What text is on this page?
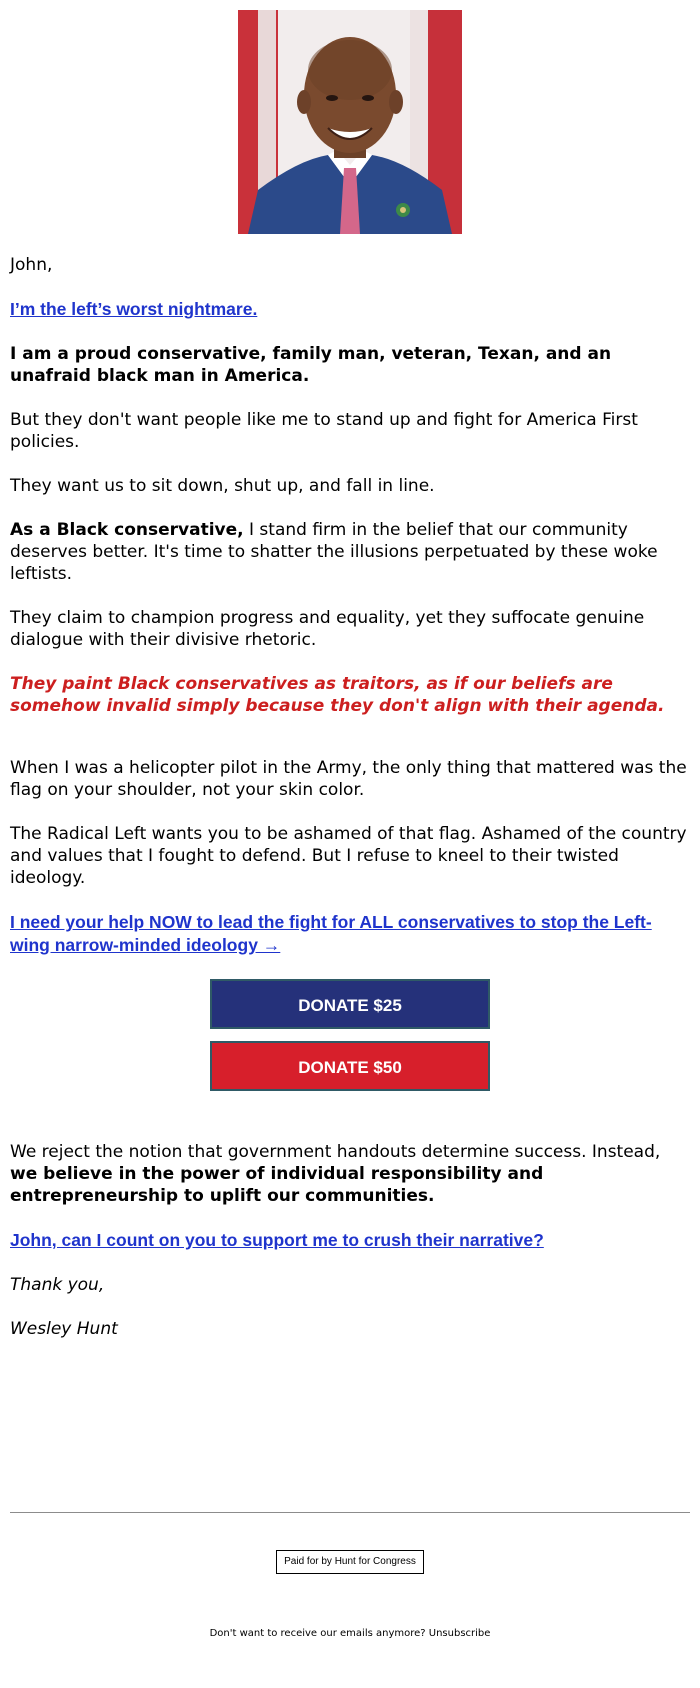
John,

I’m the left’s worst nightmare.

I am a proud conservative, family man, veteran, Texan, and an unafraid black man in America.

But they don't want people like me to stand up and fight for America First policies.

They want us to sit down, shut up, and fall in line.

As a Black conservative, I stand firm in the belief that our community deserves better. It's time to shatter the illusions perpetuated by these woke leftists.

They claim to champion progress and equality, yet they suffocate genuine dialogue with their divisive rhetoric.

They paint Black conservatives as traitors, as if our beliefs are somehow invalid simply because they don't align with their agenda.

When I was a helicopter pilot in the Army, the only thing that mattered was the flag on your shoulder, not your skin color.

The Radical Left wants you to be ashamed of that flag. Ashamed of the country and values that I fought to defend. But I refuse to kneel to their twisted ideology.

I need your help NOW to lead the fight for ALL conservatives to stop the Left-wing narrow-minded ideology →

DONATE $25
DONATE $50

We reject the notion that government handouts determine success. Instead, we believe in the power of individual responsibility and entrepreneurship to uplift our communities.

John, can I count on you to support me to crush their narrative?

Thank you,

Wesley Hunt

Paid for by Hunt for Congress
Don't want to receive our emails anymore? Unsubscribe
